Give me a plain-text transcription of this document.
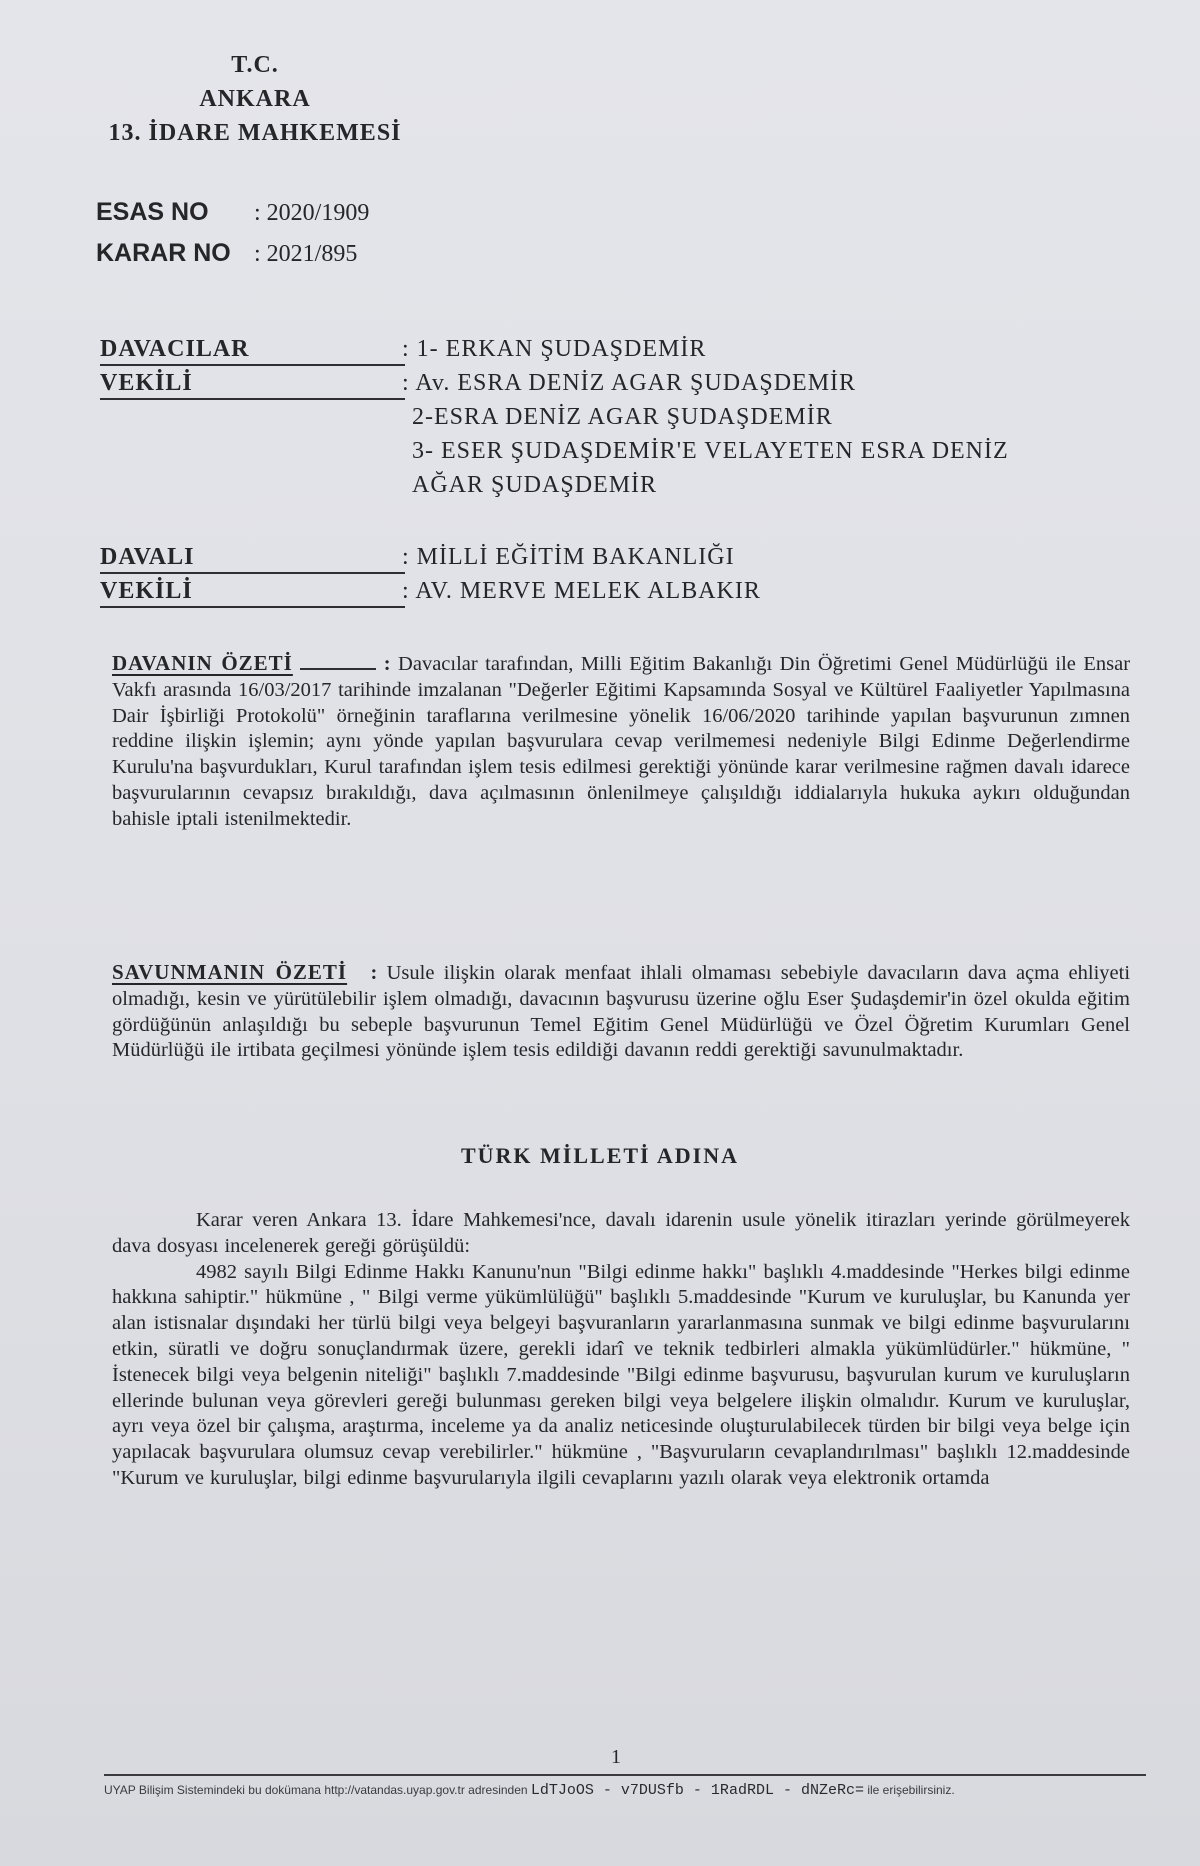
T.C.
ANKARA
13. İDARE MAHKEMESİ
ESAS NO : 2020/1909
KARAR NO : 2021/895
DAVACILAR	: 1- ERKAN ŞUDAŞDEMİR
VEKİLİ	: Av. ESRA DENİZ AGAR ŞUDAŞDEMİR
2-ESRA DENİZ AGAR ŞUDAŞDEMİR
3- ESER ŞUDAŞDEMİR'E VELAYETEN ESRA DENİZ
AĞAR ŞUDAŞDEMİR
DAVALI	: MİLLİ EĞİTİM BAKANLIĞI
VEKİLİ	: AV. MERVE MELEK ALBAKIR
DAVANIN ÖZETİ	: Davacılar tarafından, Milli Eğitim Bakanlığı Din Öğretimi Genel Müdürlüğü ile Ensar Vakfı arasında 16/03/2017 tarihinde imzalanan "Değerler Eğitimi Kapsamında Sosyal ve Kültürel Faaliyetler Yapılmasına Dair İşbirliği Protokolü" örneğinin taraflarına verilmesine yönelik 16/06/2020 tarihinde yapılan başvurunun zımnen reddine ilişkin işlemin; aynı yönde yapılan başvurulara cevap verilmemesi nedeniyle Bilgi Edinme Değerlendirme Kurulu'na başvurdukları, Kurul tarafından işlem tesis edilmesi gerektiği yönünde karar verilmesine rağmen davalı idarece başvurularının cevapsız bırakıldığı, dava açılmasının önlenilmeye çalışıldığı iddialarıyla hukuka aykırı olduğundan bahisle iptali istenilmektedir.
SAVUNMANIN ÖZETİ : Usule ilişkin olarak menfaat ihlali olmaması sebebiyle davacıların dava açma ehliyeti olmadığı, kesin ve yürütülebilir işlem olmadığı, davacının başvurusu üzerine oğlu Eser Şudaşdemir'in özel okulda eğitim gördüğünün anlaşıldığı bu sebeple başvurunun Temel Eğitim Genel Müdürlüğü ve Özel Öğretim Kurumları Genel Müdürlüğü ile irtibata geçilmesi yönünde işlem tesis edildiği davanın reddi gerektiği savunulmaktadır.
TÜRK MİLLETİ ADINA
Karar veren Ankara 13. İdare Mahkemesi'nce, davalı idarenin usule yönelik itirazları yerinde görülmeyerek dava dosyası incelenerek gereği görüşüldü:
4982 sayılı Bilgi Edinme Hakkı Kanunu'nun "Bilgi edinme hakkı" başlıklı 4.maddesinde "Herkes bilgi edinme hakkına sahiptir." hükmüne , " Bilgi verme yükümlülüğü" başlıklı 5.maddesinde "Kurum ve kuruluşlar, bu Kanunda yer alan istisnalar dışındaki her türlü bilgi veya belgeyi başvuranların yararlanmasına sunmak ve bilgi edinme başvurularını etkin, süratli ve doğru sonuçlandırmak üzere, gerekli idarî ve teknik tedbirleri almakla yükümlüdürler." hükmüne, " İstenecek bilgi veya belgenin niteliği" başlıklı 7.maddesinde "Bilgi edinme başvurusu, başvurulan kurum ve kuruluşların ellerinde bulunan veya görevleri gereği bulunması gereken bilgi veya belgelere ilişkin olmalıdır. Kurum ve kuruluşlar, ayrı veya özel bir çalışma, araştırma, inceleme ya da analiz neticesinde oluşturulabilecek türden bir bilgi veya belge için yapılacak başvurulara olumsuz cevap verebilirler." hükmüne , "Başvuruların cevaplandırılması" başlıklı 12.maddesinde "Kurum ve kuruluşlar, bilgi edinme başvurularıyla ilgili cevaplarını yazılı olarak veya elektronik ortamda
1
UYAP Bilişim Sistemindeki bu dokümana http://vatandas.uyap.gov.tr adresinden LdTJoOS - v7DUSfb - 1RadRDL - dNZeRc= ile erişebilirsiniz.
